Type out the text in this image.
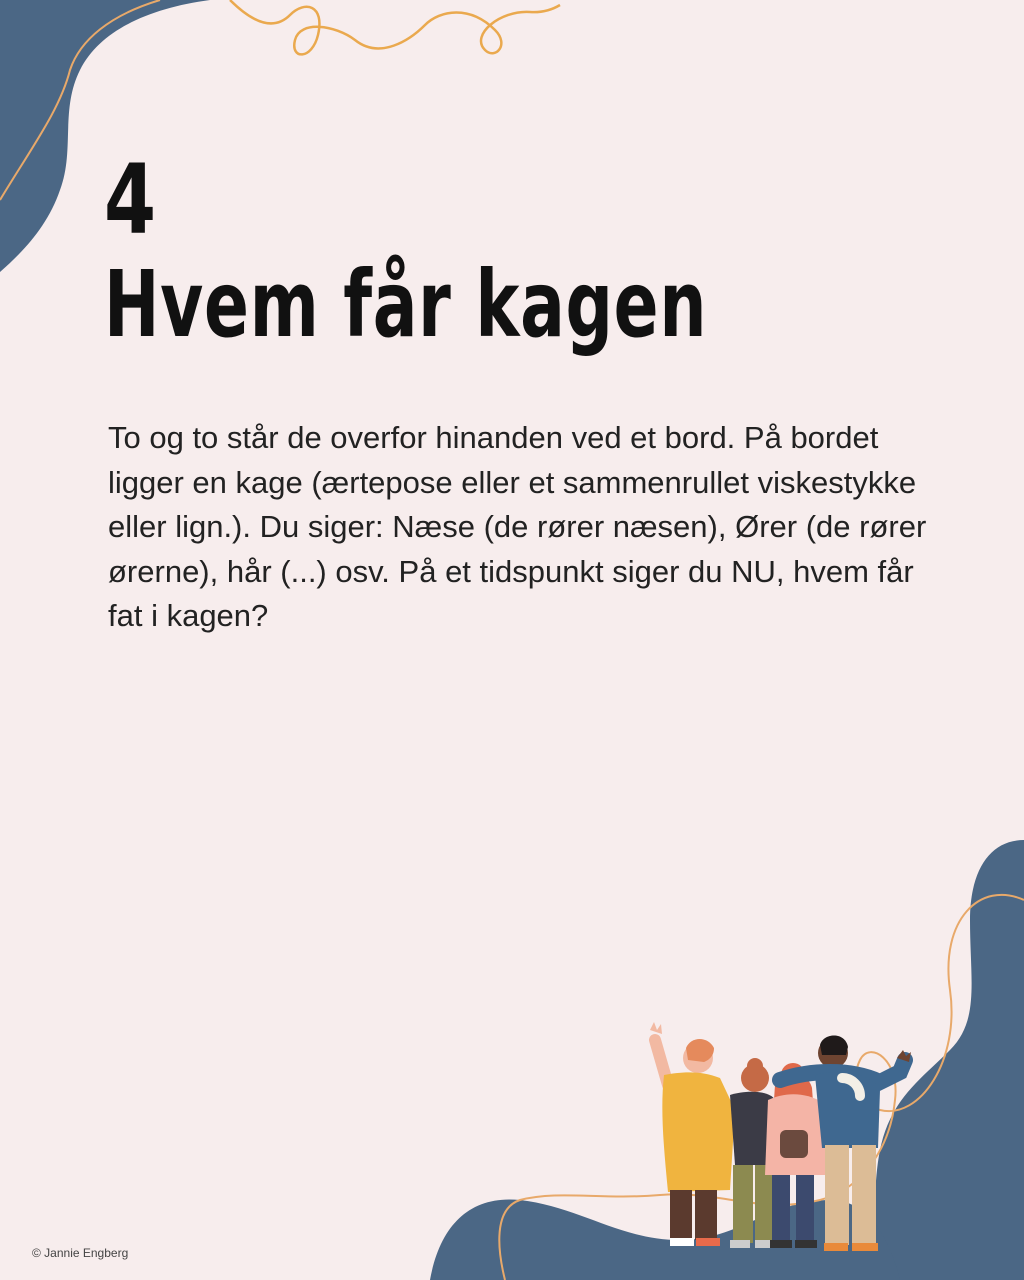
4
Hvem får kagen

To og to står de overfor hinanden ved et bord. På bordet ligger en kage (ærtepose eller et sammenrullet viskestykke eller lign.). Du siger: Næse (de rører næsen), Ører (de rører ørerne), hår (...) osv. På et tidspunkt siger du NU, hvem får fat i kagen?

© Jannie Engberg
